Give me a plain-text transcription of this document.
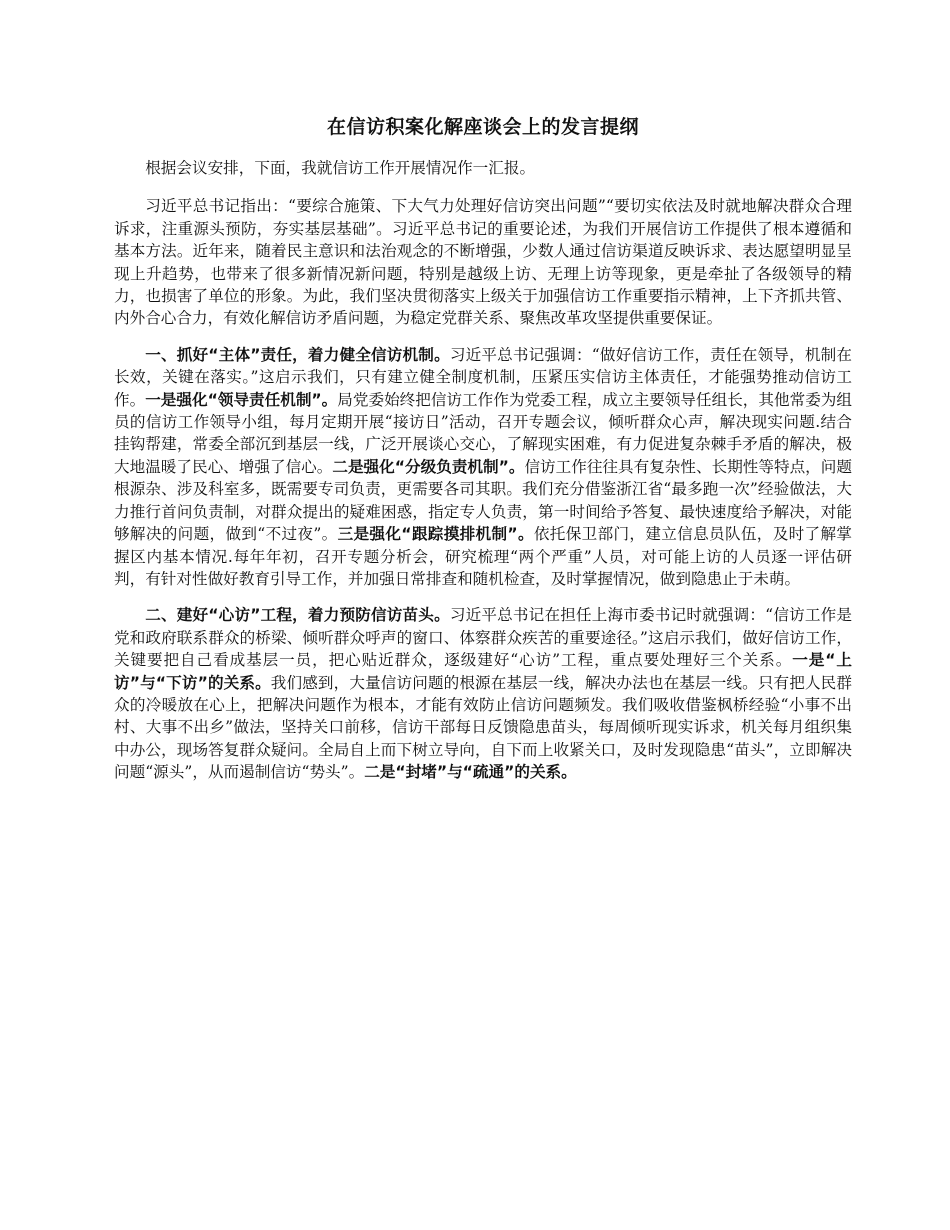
在信访积案化解座谈会上的发言提纲

根据会议安排，下面，我就信访工作开展情况作一汇报。

习近平总书记指出：“要综合施策、下大气力处理好信访突出问题”“要切实依法及时就地解决群众合理诉求，注重源头预防，夯实基层基础”。习近平总书记的重要论述，为我们开展信访工作提供了根本遵循和基本方法。近年来，随着民主意识和法治观念的不断增强，少数人通过信访渠道反映诉求、表达愿望明显呈现上升趋势，也带来了很多新情况新问题，特别是越级上访、无理上访等现象，更是牵扯了各级领导的精力，也损害了单位的形象。为此，我们坚决贯彻落实上级关于加强信访工作重要指示精神，上下齐抓共管、内外合心合力，有效化解信访矛盾问题，为稳定党群关系、聚焦改革攻坚提供重要保证。

一、抓好“主体”责任，着力健全信访机制。习近平总书记强调：“做好信访工作，责任在领导，机制在长效，关键在落实。”这启示我们，只有建立健全制度机制，压紧压实信访主体责任，才能强势推动信访工作。一是强化“领导责任机制”。局党委始终把信访工作作为党委工程，成立主要领导任组长，其他常委为组员的信访工作领导小组，每月定期开展“接访日”活动，召开专题会议，倾听群众心声，解决现实问题.结合挂钩帮建，常委全部沉到基层一线，广泛开展谈心交心，了解现实困难，有力促进复杂棘手矛盾的解决，极大地温暖了民心、增强了信心。二是强化“分级负责机制”。信访工作往往具有复杂性、长期性等特点，问题根源杂、涉及科室多，既需要专司负责，更需要各司其职。我们充分借鉴浙江省“最多跑一次”经验做法，大力推行首问负责制，对群众提出的疑难困惑，指定专人负责，第一时间给予答复、最快速度给予解决，对能够解决的问题，做到“不过夜”。三是强化“跟踪摸排机制”。依托保卫部门，建立信息员队伍，及时了解掌握区内基本情况.每年年初，召开专题分析会，研究梳理“两个严重”人员，对可能上访的人员逐一评估研判，有针对性做好教育引导工作，并加强日常排查和随机检查，及时掌握情况，做到隐患止于未萌。

二、建好“心访”工程，着力预防信访苗头。习近平总书记在担任上海市委书记时就强调：“信访工作是党和政府联系群众的桥梁、倾听群众呼声的窗口、体察群众疾苦的重要途径。”这启示我们，做好信访工作，关键要把自己看成基层一员，把心贴近群众，逐级建好“心访”工程，重点要处理好三个关系。一是“上访”与“下访”的关系。我们感到，大量信访问题的根源在基层一线，解决办法也在基层一线。只有把人民群众的冷暖放在心上，把解决问题作为根本，才能有效防止信访问题频发。我们吸收借鉴枫桥经验“小事不出村、大事不出乡”做法，坚持关口前移，信访干部每日反馈隐患苗头，每周倾听现实诉求，机关每月组织集中办公，现场答复群众疑问。全局自上而下树立导向，自下而上收紧关口，及时发现隐患“苗头”，立即解决问题“源头”，从而遏制信访“势头”。二是“封堵”与“疏通”的关系。
